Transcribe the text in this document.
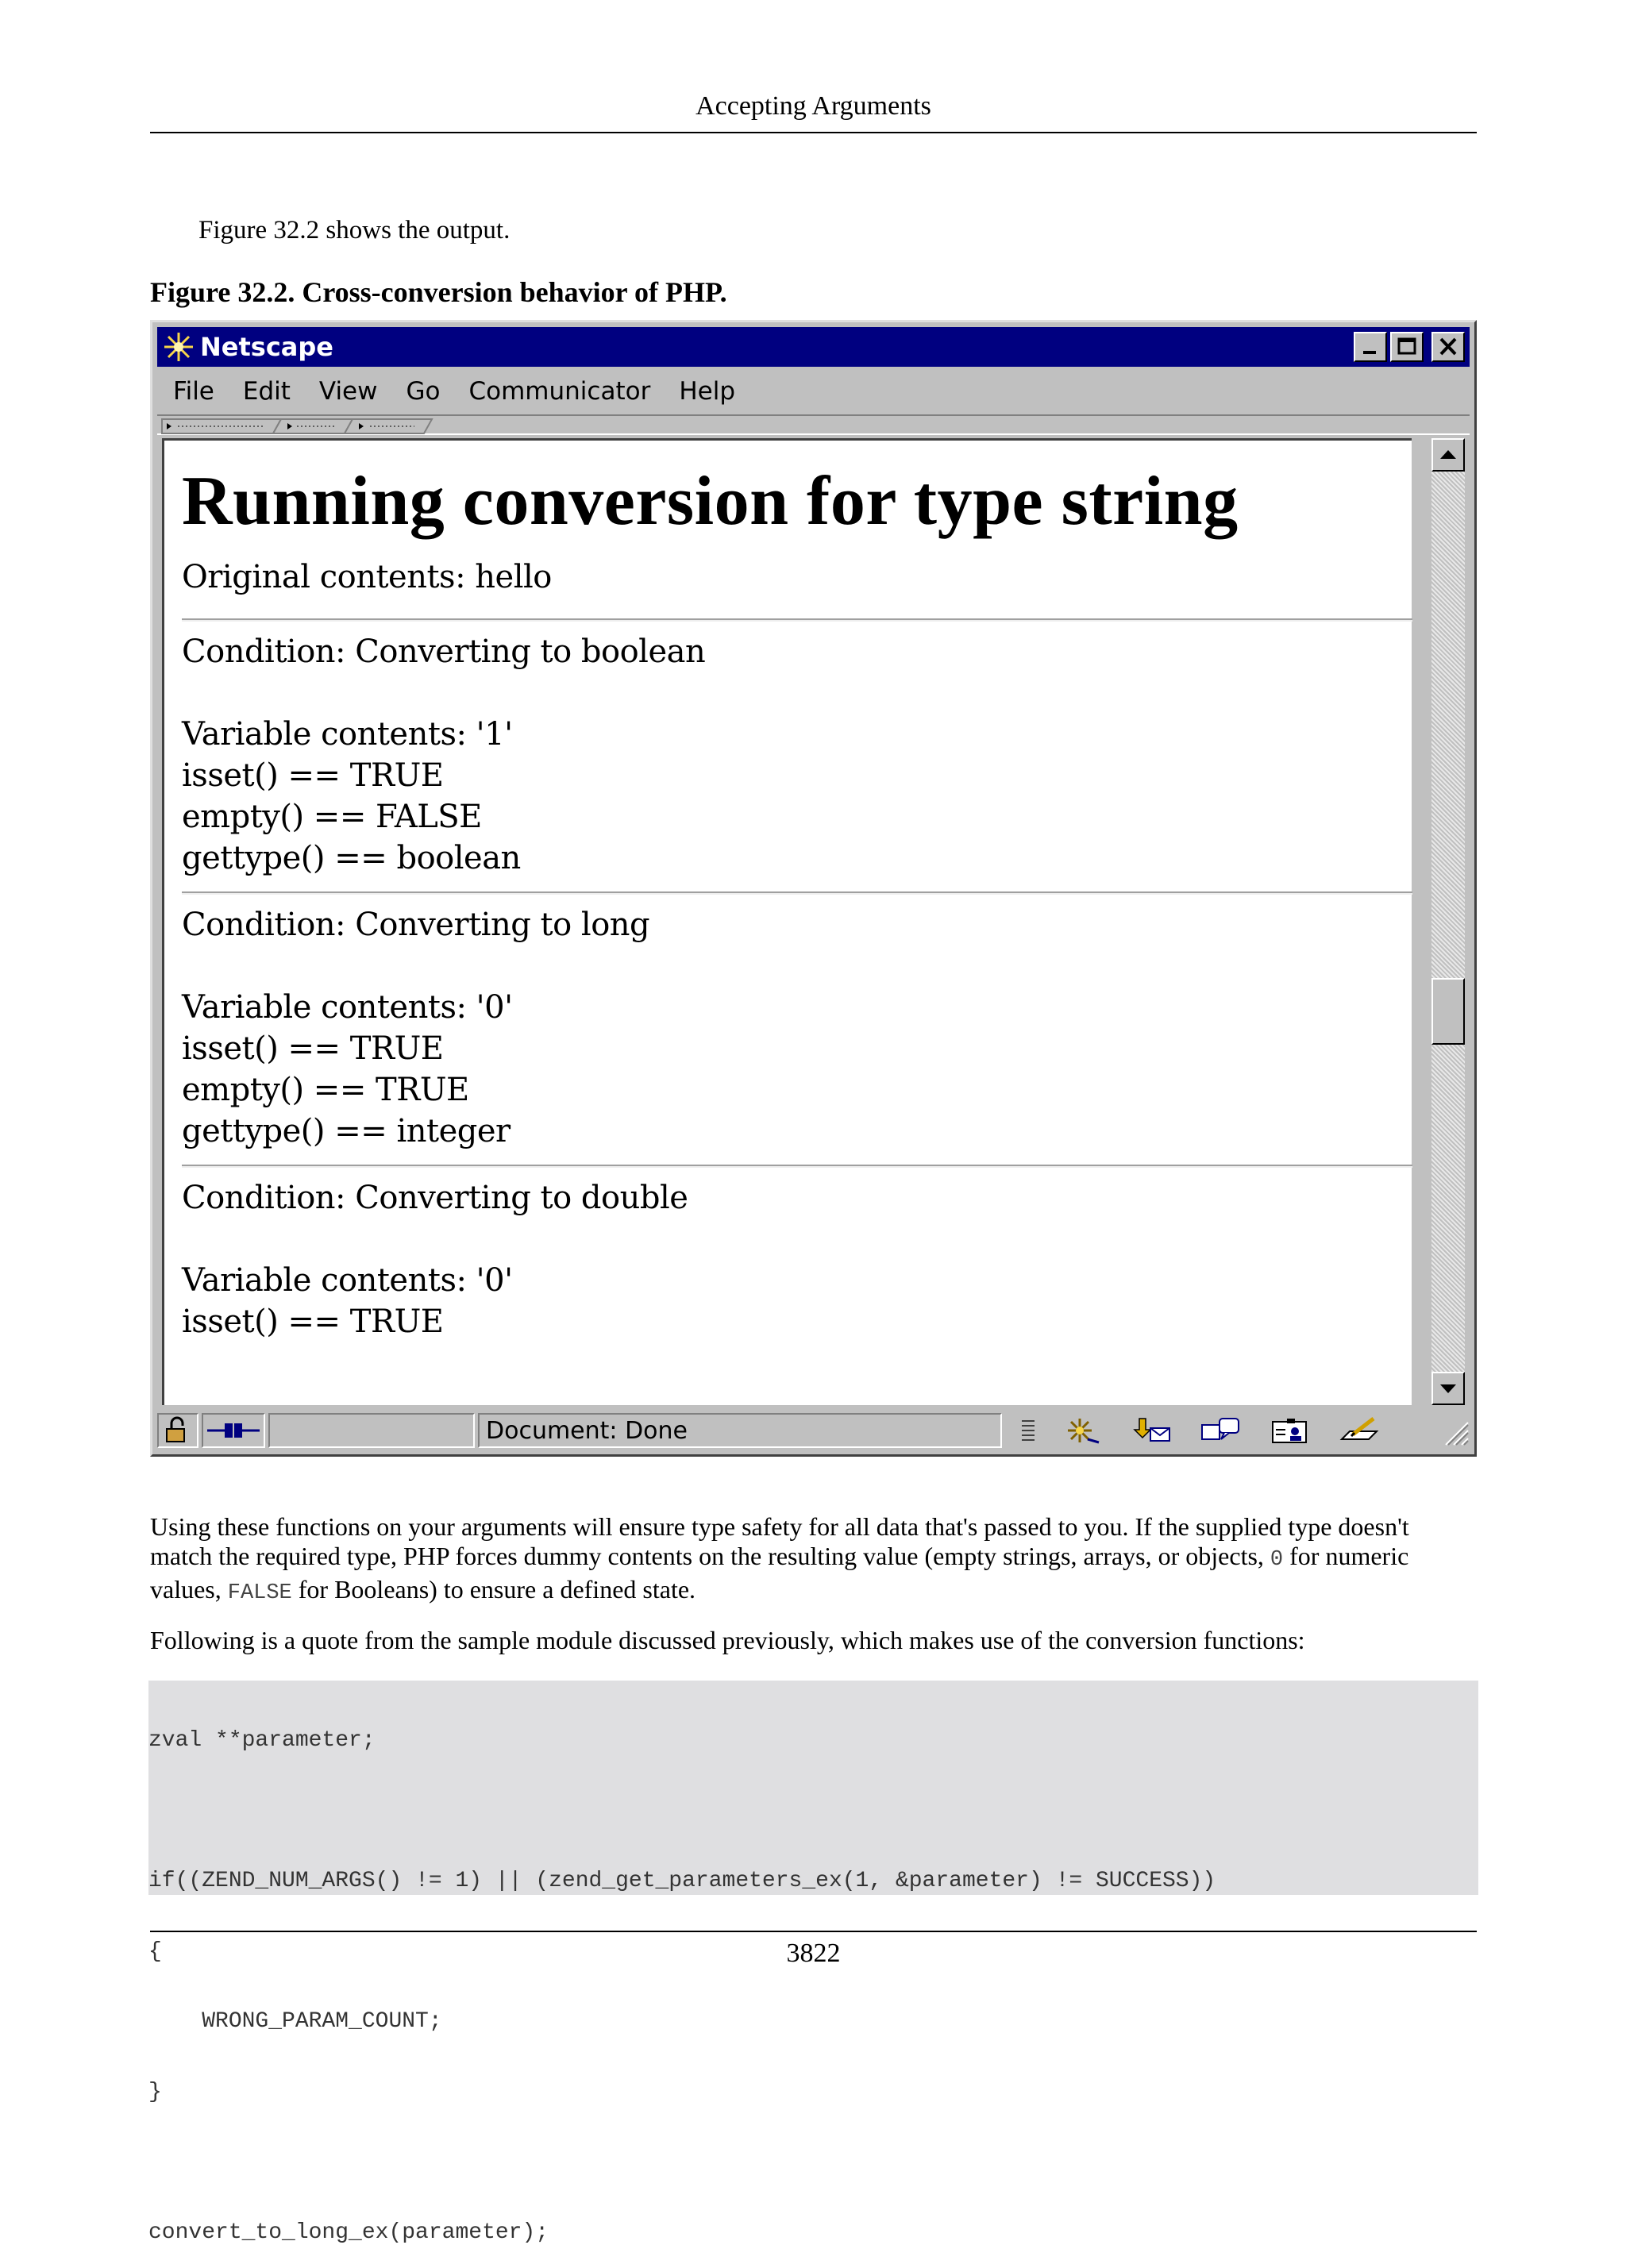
Accepting Arguments
Figure 32.2 shows the output.
Figure 32.2. Cross-conversion behavior of PHP.
Netscape
File	Edit	View	Go	Communicator	Help
Running conversion for type string
Original contents: hello
Condition: Converting to boolean
Variable contents: '1'
isset() == TRUE
empty() == FALSE
gettype() == boolean
Condition: Converting to long
Variable contents: '0'
isset() == TRUE
empty() == TRUE
gettype() == integer
Condition: Converting to double
Variable contents: '0'
isset() == TRUE
Document: Done
Using these functions on your arguments will ensure type safety for all data that's passed to you. If the supplied type doesn't match the required type, PHP forces dummy contents on the resulting value (empty strings, arrays, or objects, 0 for numeric values, FALSE for Booleans) to ensure a defined state.
Following is a quote from the sample module discussed previously, which makes use of the conversion functions:

zval **parameter;

if((ZEND_NUM_ARGS() != 1) || (zend_get_parameters_ex(1, &parameter) != SUCCESS))

{

WRONG_PARAM_COUNT;

}

convert_to_long_ex(parameter);

3822
